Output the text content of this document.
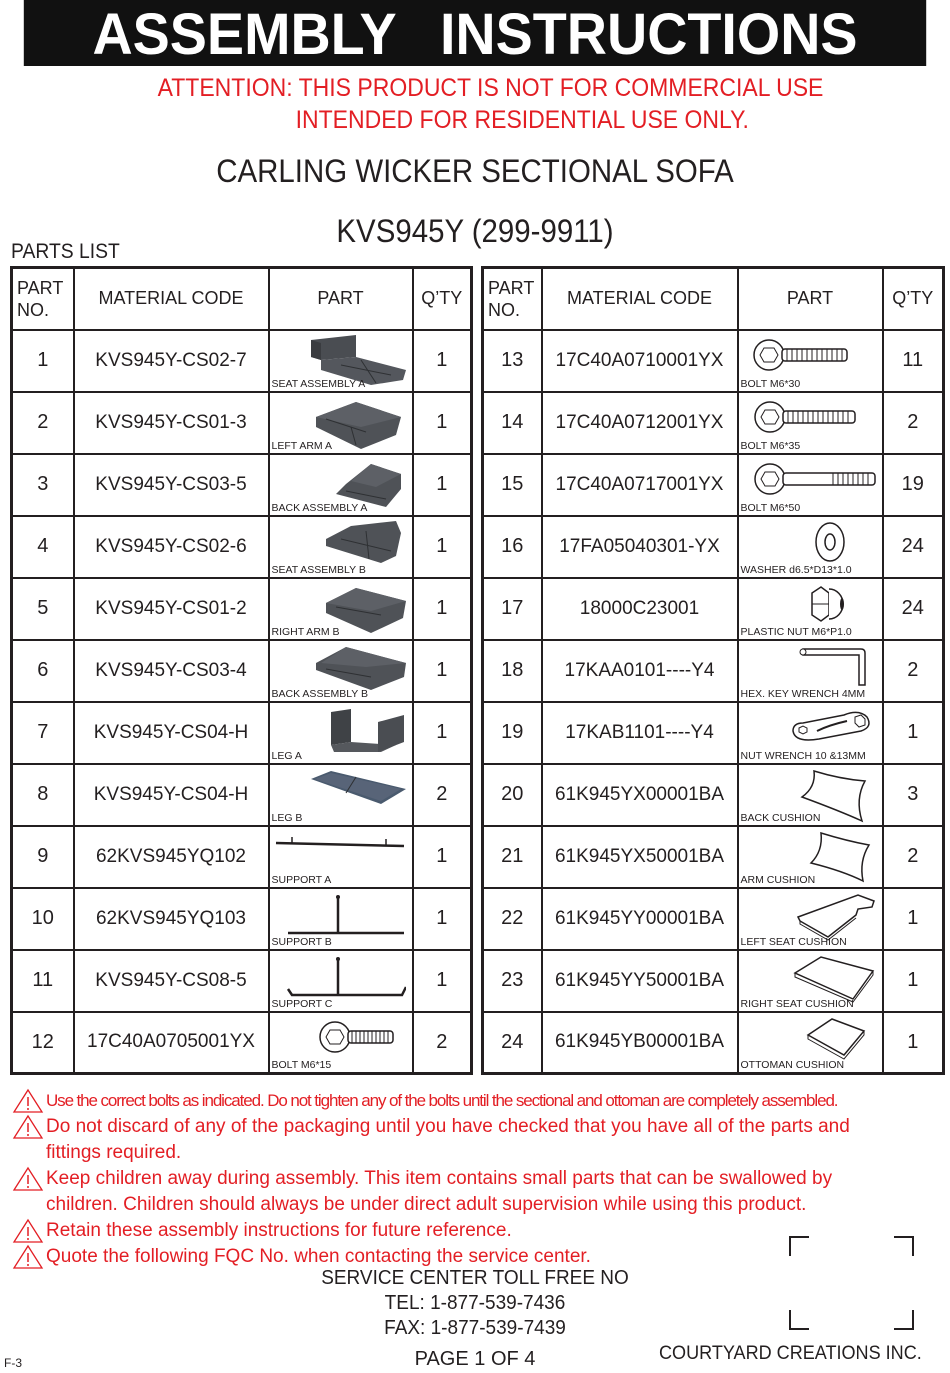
ASSEMBLY INSTRUCTIONS
ATTENTION: THIS PRODUCT IS NOT FOR COMMERCIAL USE
INTENDED FOR RESIDENTIAL USE ONLY.
CARLING WICKER SECTIONAL SOFA
KVS945Y (299-9911)
PARTS LIST
PART
NO.	MATERIAL CODE	PART	Q’TY
1	KVS945Y-CS02-7	SEAT ASSEMBLY A	1
2	KVS945Y-CS01-3	LEFT ARM A	1
3	KVS945Y-CS03-5	BACK ASSEMBLY A	1
4	KVS945Y-CS02-6	SEAT ASSEMBLY B	1
5	KVS945Y-CS01-2	RIGHT ARM B	1
6	KVS945Y-CS03-4	BACK ASSEMBLY B	1
7	KVS945Y-CS04-H	LEG A	1
8	KVS945Y-CS04-H	LEG B	2
9	62KVS945YQ102	SUPPORT A	1
10	62KVS945YQ103	SUPPORT B	1
11	KVS945Y-CS08-5	SUPPORT C	1
12	17C40A0705001YX	BOLT M6*15	2
PART
NO.	MATERIAL CODE	PART	Q’TY
13	17C40A0710001YX	BOLT M6*30	11
14	17C40A0712001YX	BOLT M6*35	2
15	17C40A0717001YX	BOLT M6*50	19
16	17FA05040301-YX	WASHER d6.5*D13*1.0	24
17	18000C23001	PLASTIC NUT M6*P1.0	24
18	17KAA0101----Y4	HEX. KEY WRENCH 4MM	2
19	17KAB1101----Y4	NUT WRENCH 10 &13MM	1
20	61K945YX00001BA	BACK CUSHION	3
21	61K945YX50001BA	ARM CUSHION	2
22	61K945YY00001BA	LEFT SEAT CUSHION	1
23	61K945YY50001BA	RIGHT SEAT CUSHION	1
24	61K945YB00001BA	OTTOMAN CUSHION	1
Use the correct bolts as indicated. Do not tighten any of the bolts until the sectional and ottoman are completely assembled.
Do not discard of any of the packaging until you have checked that you have all of the parts and
fittings required.
Keep children away during assembly. This item contains small parts that can be swallowed by
children. Children should always be under direct adult supervision while using this product.
Retain these assembly instructions for future reference.
Quote the following FQC No. when contacting the service center.
SERVICE CENTER TOLL FREE NO
TEL: 1-877-539-7436
FAX: 1-877-539-7439
PAGE 1 OF 4
F-3	COURTYARD CREATIONS INC.
